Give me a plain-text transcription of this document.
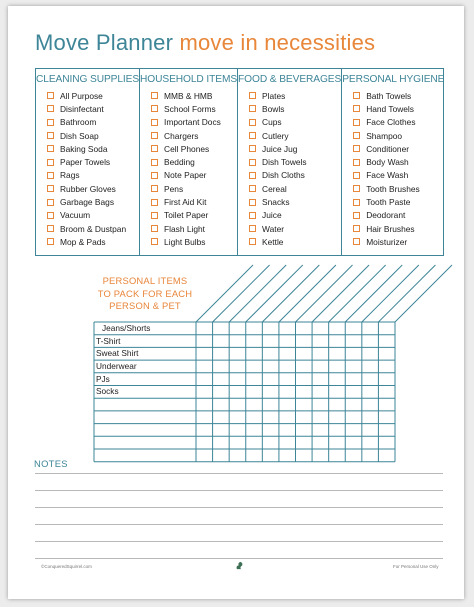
Move Planner move in necessities
CLEANING SUPPLIES
All Purpose
Disinfectant
Bathroom
Dish Soap
Baking Soda
Paper Towels
Rags
Rubber Gloves
Garbage Bags
Vacuum
Broom & Dustpan
Mop & Pads
HOUSEHOLD ITEMS
MMB & HMB
School Forms
Important Docs
Chargers
Cell Phones
Bedding
Note Paper
Pens
First Aid Kit
Toilet Paper
Flash Light
Light Bulbs
FOOD & BEVERAGES
Plates
Bowls
Cups
Cutlery
Juice Jug
Dish Towels
Dish Cloths
Cereal
Snacks
Juice
Water
Kettle
PERSONAL HYGIENE
Bath Towels
Hand Towels
Face Clothes
Shampoo
Conditioner
Body Wash
Face Wash
Tooth Brushes
Tooth Paste
Deodorant
Hair Brushes
Moisturizer
PERSONAL ITEMS
TO PACK FOR EACH
PERSON & PET
Jeans/Shorts
T-Shirt
Sweat Shirt
Underwear
PJs
Socks
NOTES
©ConqueredSquirrel.com	For Personal Use Only
